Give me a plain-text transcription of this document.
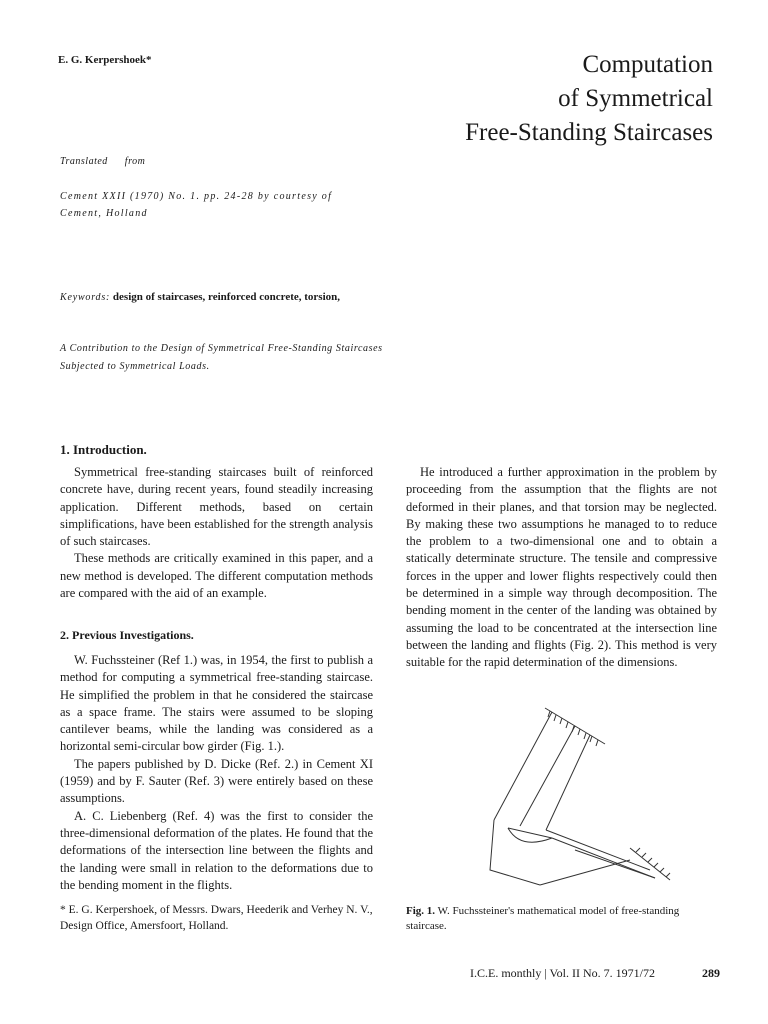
E. G. Kerpershoek*	Computation
of Symmetrical
Free-Standing Staircases
Translated from
Cement XXII (1970) No. 1. pp. 24-28 by courtesy of Cement, Holland
Keywords: design of staircases, reinforced concrete, torsion,
A Contribution to the Design of Symmetrical Free-Standing Staircases Subjected to Symmetrical Loads.
1. Introduction.

Symmetrical free-standing staircases built of reinforced concrete have, during recent years, found steadily increasing application. Different methods, based on certain simplifications, have been established for the strength analysis of such staircases.

These methods are critically examined in this paper, and a new method is developed. The different computation methods are compared with the aid of an example.

2. Previous Investigations.

W. Fuchssteiner (Ref 1.) was, in 1954, the first to publish a method for computing a symmetrical free-standing staircase. He simplified the problem in that he considered the staircase as a space frame. The stairs were assumed to be sloping cantilever beams, while the landing was considered as a horizontal semi-circular bow girder (Fig. 1.).

The papers published by D. Dicke (Ref. 2.) in Cement XI (1959) and by F. Sauter (Ref. 3) were entirely based on these assumptions.

A. C. Liebenberg (Ref. 4) was the first to consider the three-dimensional deformation of the plates. He found that the deformations of the intersection line between the flights and the landing were small in relation to the deformations due to the bending moment in the flights.

* E. G. Kerpershoek, of Messrs. Dwars, Heederik and Verhey N. V., Design Office, Amersfoort, Holland.

He introduced a further approximation in the problem by proceeding from the assumption that the flights are not deformed in their planes, and that torsion may be neglected. By making these two assumptions he managed to to reduce the problem to a two-dimensional one and to obtain a statically determinate structure. The tensile and compressive forces in the upper and lower flights respectively could then be determined in a simple way through decomposition. The bending moment in the center of the landing was obtained by assuming the load to be concentrated at the intersection line between the landing and flights (Fig. 2). This method is very suitable for the rapid determination of the dimensions.

Fig. 1. W. Fuchssteiner's mathematical model of free-standing staircase.
I.C.E. monthly | Vol. II No. 7. 1971/72	289
